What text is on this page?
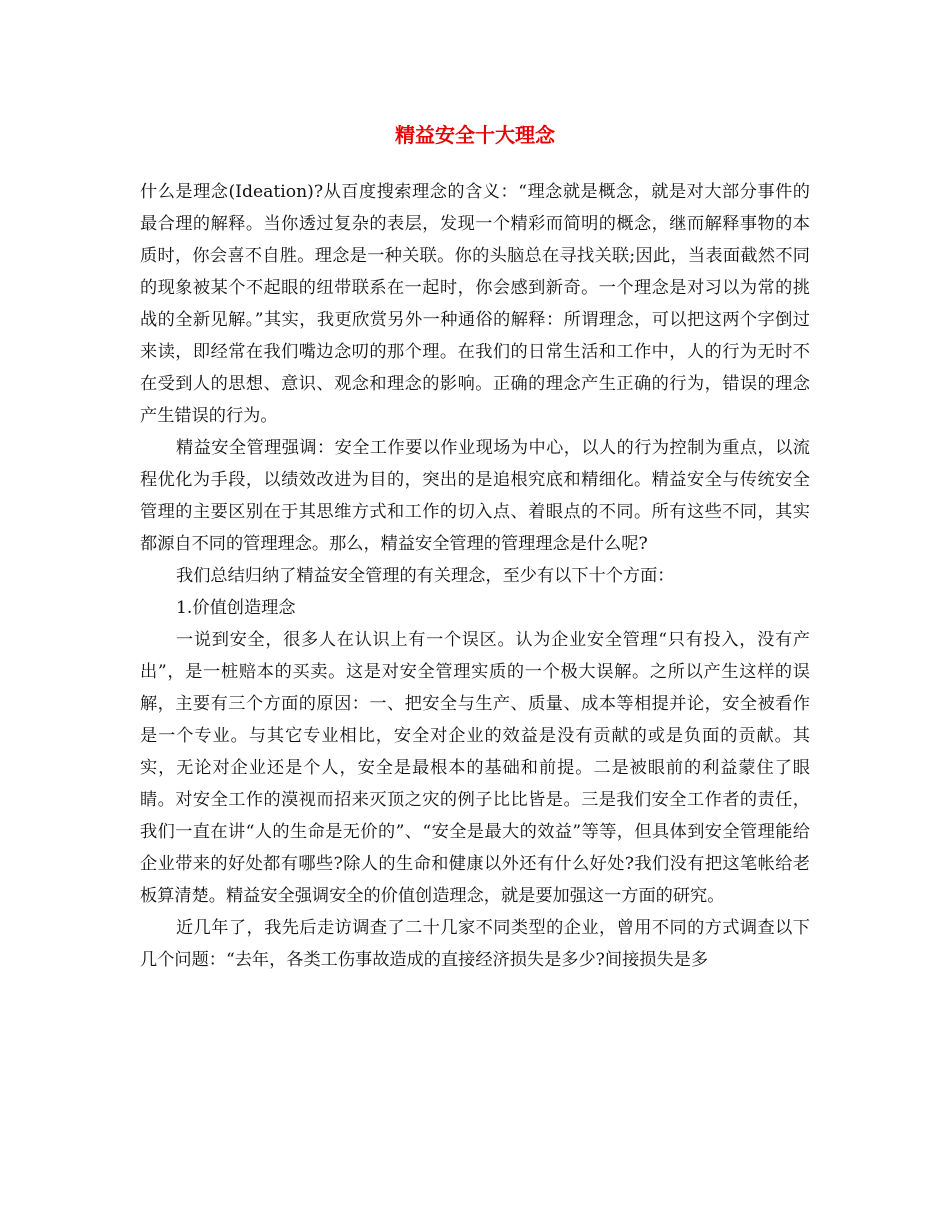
精益安全十大理念

什么是理念(Ideation)?从百度搜索理念的含义：“理念就是概念，就是对大部分事件的最合理的解释。当你透过复杂的表层，发现一个精彩而简明的概念，继而解释事物的本质时，你会喜不自胜。理念是一种关联。你的头脑总在寻找关联;因此，当表面截然不同的现象被某个不起眼的纽带联系在一起时，你会感到新奇。一个理念是对习以为常的挑战的全新见解。”其实，我更欣赏另外一种通俗的解释：所谓理念，可以把这两个字倒过来读，即经常在我们嘴边念叨的那个理。在我们的日常生活和工作中，人的行为无时不在受到人的思想、意识、观念和理念的影响。正确的理念产生正确的行为，错误的理念产生错误的行为。

精益安全管理强调：安全工作要以作业现场为中心，以人的行为控制为重点，以流程优化为手段，以绩效改进为目的，突出的是追根究底和精细化。精益安全与传统安全管理的主要区别在于其思维方式和工作的切入点、着眼点的不同。所有这些不同，其实都源自不同的管理理念。那么，精益安全管理的管理理念是什么呢?

我们总结归纳了精益安全管理的有关理念，至少有以下十个方面：

1.价值创造理念

一说到安全，很多人在认识上有一个误区。认为企业安全管理“只有投入，没有产出”，是一桩赔本的买卖。这是对安全管理实质的一个极大误解。之所以产生这样的误解，主要有三个方面的原因：一、把安全与生产、质量、成本等相提并论，安全被看作是一个专业。与其它专业相比，安全对企业的效益是没有贡献的或是负面的贡献。其实，无论对企业还是个人，安全是最根本的基础和前提。二是被眼前的利益蒙住了眼睛。对安全工作的漠视而招来灭顶之灾的例子比比皆是。三是我们安全工作者的责任，我们一直在讲“人的生命是无价的”、“安全是最大的效益”等等，但具体到安全管理能给企业带来的好处都有哪些?除人的生命和健康以外还有什么好处?我们没有把这笔帐给老板算清楚。精益安全强调安全的价值创造理念，就是要加强这一方面的研究。

近几年了，我先后走访调查了二十几家不同类型的企业，曾用不同的方式调查以下几个问题：“去年，各类工伤事故造成的直接经济损失是多少?间接损失是多
